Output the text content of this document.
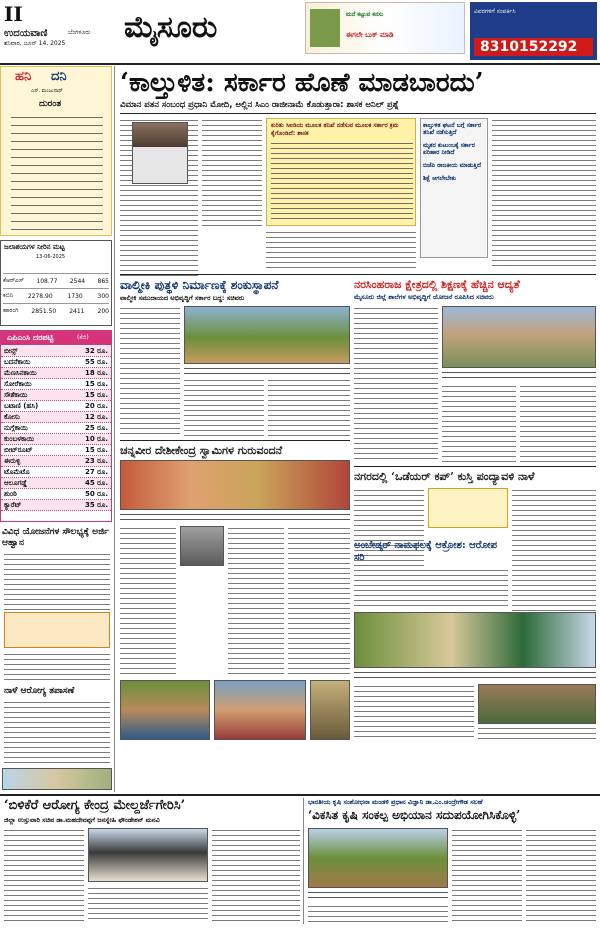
II
ಉದಯವಾಣಿ	ಬೆಂಗಳೂರು
ಶನಿವಾರ, ಜೂನ್ 14, 2025 ಮೈಸೂರು	ಮನೆ ಕಟ್ಟುವ ಕನಸು
ಈಗಲೇ ಬುಕ್ ಮಾಡಿ
ವಿವರಗಳಿಗೆ ಸಂಪರ್ಕಿಸಿ
8310152292
ಹನಿ ದನಿ
ಎಸ್. ಮಂಜುನಾಥ್
ದುರಂತ
ಜಲಾಶಯಗಳ ನೀರಿನ ಮಟ್ಟ
13-06-2025
ಕೆಆರ್‌ಎಸ್ 108.77 2544 865
ಕಬಿನಿ 2278.90 1730 300
ಹಾರಂಗಿ 2851.50 2411 200
ಎಪಿಎಂಸಿ ದರಪಟ್ಟಿ	(ಕೆಜಿ)
ಬೀನ್ಸ್	32 ರೂ.
ಬದನೆಕಾಯಿ	55 ರೂ.
ಮೆಣಸಿನಕಾಯಿ	18 ರೂ.
ಸೋರೆಕಾಯಿ	15 ರೂ.
ಸೌತೆಕಾಯಿ	15 ರೂ.
ಬಟಾಣಿ (ಹಸಿ)	20 ರೂ.
ಕೋಸು	12 ರೂ.
ನುಗ್ಗೆಕಾಯಿ	25 ರೂ.
ಕುಂಬಳಕಾಯಿ	10 ರೂ.
ಬೀಟ್‌ರೂಟ್	15 ರೂ.
ಈರುಳ್ಳಿ	23 ರೂ.
ಟೊಮೆಟೊ	27 ರೂ.
ಆಲೂಗಡ್ಡೆ	45 ರೂ.
ಶುಂಠಿ	50 ರೂ.
ಕ್ಯಾರೆಟ್	35 ರೂ.
ವಿವಿಧ ಯೋಜನೆಗಳ ಸೌಲಭ್ಯಕ್ಕೆ ಅರ್ಜಿ ಆಹ್ವಾನ
ನಾಳೆ ಆರೋಗ್ಯ ತಪಾಸಣೆ
‘ಕಾಲ್ತುಳಿತ: ಸರ್ಕಾರ ಹೊಣೆ ಮಾಡಬಾರದು’
ವಿಮಾನ ಪತನ ಸಂಬಂಧ ಪ್ರಧಾನಿ ಮೋದಿ, ಅಲ್ಲಿನ ಸಿಎಂ ರಾಜೀನಾಮೆ ಕೊಡುತ್ತಾರಾ: ಶಾಸಕ ಅನಿಲ್ ಪ್ರಶ್ನೆ
ಕುರಿತು ಸಿಐಡಿಯ ಮೂಲಕ ತನಿಖೆ ನಡೆಸುವ ಮೂಲಕ ಸರ್ಕಾರ ಕ್ರಮ ಕೈಗೊಂಡಿದೆ: ಶಾಸಕ
ಕಾಲ್ತುಳಿತ ಘಟನೆ ಬಗ್ಗೆ ಸರ್ಕಾರ ತನಿಖೆ ನಡೆಸುತ್ತಿದೆ
ಮೃತರ ಕುಟುಂಬಕ್ಕೆ ಸರ್ಕಾರ ಪರಿಹಾರ ನೀಡಿದೆ
ಬಿಜೆಪಿ ರಾಜಕೀಯ ಮಾಡುತ್ತಿದೆ
ಶಿಕ್ಷೆ ಆಗಲೇಬೇಕು
ವಾಲ್ಮೀಕಿ ಪುತ್ಥಳಿ ನಿರ್ಮಾಣಕ್ಕೆ ಶಂಕುಸ್ಥಾಪನೆ
ವಾಲ್ಮೀಕಿ ಸಮುದಾಯದ ಅಭಿವೃದ್ಧಿಗೆ ಸರ್ಕಾರ ಬದ್ಧ: ಸಚಿವರು
ನರಸಿಂಹರಾಜ ಕ್ಷೇತ್ರದಲ್ಲಿ ಶಿಕ್ಷಣಕ್ಕೆ ಹೆಚ್ಚಿನ ಆದ್ಯತೆ
ಮೈಸೂರು ಜಿಲ್ಲೆ ಶಾಲೆಗಳ ಅಭಿವೃದ್ಧಿಗೆ ಯೋಜನೆ ರೂಪಿಸಿದ ಸಚಿವರು
ಚನ್ನವೀರ ದೇಶೀಕೇಂದ್ರ ಸ್ವಾಮಿಗಳ ಗುರುವಂದನೆ
ನಗರದಲ್ಲಿ ‘ಒಡೆಯರ್ ಕಪ್’ ಕುಸ್ತಿ ಪಂದ್ಯಾವಳಿ ನಾಳೆ
ಅಂಬೇಡ್ಕರ್ ನಾಮಫಲಕ್ಕೆ ಆಕ್ರೋಶ: ಆರೋಪ ಸರಿ
‘ಬಿಳಿಕೆರೆ ಆರೋಗ್ಯ ಕೇಂದ್ರ ಮೇಲ್ದರ್ಜೆಗೇರಿಸಿ’
ಜಿಲ್ಲಾ ಉಸ್ತುವಾರಿ ಸಚಿವ ಡಾ.ಮಹದೇವಪ್ಪಗೆ ಜನಸ್ನೇಹಿ ಫೌಂಡೇಶನ್ ಮನವಿ
ಭಾರತೀಯ ಕೃಷಿ ಸಂಶೋಧನಾ ಮಂಡಳಿ ಪ್ರಧಾನ ವಿಜ್ಞಾನಿ ಡಾ.ಎಂ.ಚಂದ್ರೇಗೌಡ ಸಲಹೆ
‘ವಿಕಸಿತ ಕೃಷಿ ಸಂಕಲ್ಪ ಅಭಿಯಾನ ಸದುಪಯೋಗಿಸಿಕೊಳ್ಳಿ’
